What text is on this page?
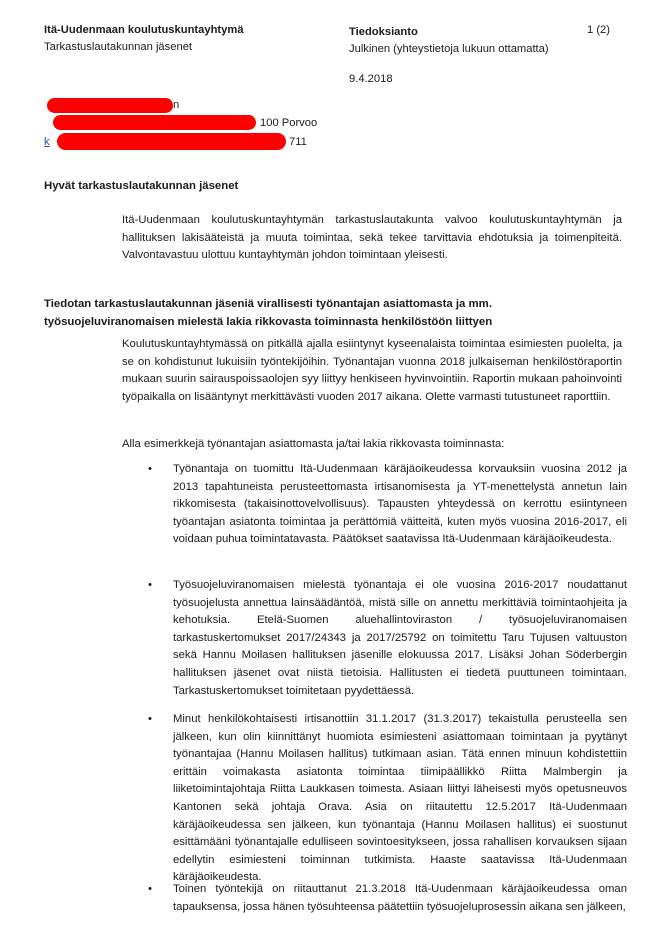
Itä-Uudenmaan koulutuskuntayhtymä
Tarkastuslautakunnan jäsenet
Tiedoksianto	1 (2)
Julkinen (yhteystietoja lukuun ottamatta)
9.4.2018
n
100 Porvoo
k	711
Hyvät tarkastuslautakunnan jäsenet
Itä-Uudenmaan koulutuskuntayhtymän tarkastuslautakunta valvoo koulutuskuntayhtymän ja hallituksen lakisääteistä ja muuta toimintaa, sekä tekee tarvittavia ehdotuksia ja toimenpiteitä. Valvontavastuu ulottuu kuntayhtymän johdon toimintaan yleisesti.
Tiedotan tarkastuslautakunnan jäseniä virallisesti työnantajan asiattomasta ja mm. työsuojeluviranomaisen mielestä lakia rikkovasta toiminnasta henkilöstöön liittyen
Koulutuskuntayhtymässä on pitkällä ajalla esiintynyt kyseenalaista toimintaa esimiesten puolelta, ja se on kohdistunut lukuisiin työntekijöihin. Työnantajan vuonna 2018 julkaiseman henkilöstöraportin mukaan suurin sairauspoissaolojen syy liittyy henkiseen hyvinvointiin. Raportin mukaan pahoinvointi työpaikalla on lisääntynyt merkittävästi vuoden 2017 aikana. Olette varmasti tutustuneet raporttiin.
Alla esimerkkejä työnantajan asiattomasta ja/tai lakia rikkovasta toiminnasta:
•	Työnantaja on tuomittu Itä-Uudenmaan käräjäoikeudessa korvauksiin vuosina 2012 ja 2013 tapahtuneista perusteettomasta irtisanomisesta ja YT-menettelystä annetun lain rikkomisesta (takaisinottovelvollisuus). Tapausten yhteydessä on kerrottu esiintyneen työantajan asiatonta toimintaa ja perättömiä väitteitä, kuten myös vuosina 2016-2017, eli voidaan puhua toimintatavasta. Päätökset saatavissa Itä-Uudenmaan käräjäoikeudesta.
•	Työsuojeluviranomaisen mielestä työnantaja ei ole vuosina 2016-2017 noudattanut työsuojelusta annettua lainsäädäntöä, mistä sille on annettu merkittäviä toimintaohjeita ja kehotuksia. Etelä-Suomen aluehallintoviraston / työsuojeluviranomaisen tarkastuskertomukset 2017/24343 ja 2017/25792 on toimitettu Taru Tujusen valtuuston sekä Hannu Moilasen hallituksen jäsenille elokuussa 2017. Lisäksi Johan Söderbergin hallituksen jäsenet ovat niistä tietoisia. Hallitusten ei tiedetä puuttuneen toimintaan. Tarkastuskertomukset toimitetaan pyydettäessä.
•	Minut henkilökohtaisesti irtisanottiin 31.1.2017 (31.3.2017) tekaistulla perusteella sen jälkeen, kun olin kiinnittänyt huomiota esimiesteni asiattomaan toimintaan ja pyytänyt työnantajaa (Hannu Moilasen hallitus) tutkimaan asian. Tätä ennen minuun kohdistettiin erittäin voimakasta asiatonta toimintaa tiimipäällikkö Riitta Malmbergin ja liiketoimintajohtaja Riitta Laukkasen toimesta. Asiaan liittyi läheisesti myös opetusneuvos Kantonen sekä johtaja Orava. Asia on riitautettu 12.5.2017 Itä-Uudenmaan käräjäoikeudessa sen jälkeen, kun työnantaja (Hannu Moilasen hallitus) ei suostunut esittämääni työnantajalle edulliseen sovintoesitykseen, jossa rahallisen korvauksen sijaan edellytin esimiesteni toiminnan tutkimista. Haaste saatavissa Itä-Uudenmaan käräjäoikeudesta.
•	Toinen työntekijä on riitauttanut 21.3.2018 Itä-Uudenmaan käräjäoikeudessa oman tapauksensa, jossa hänen työsuhteensa päätettiin työsuojeluprosessin aikana sen jälkeen,
